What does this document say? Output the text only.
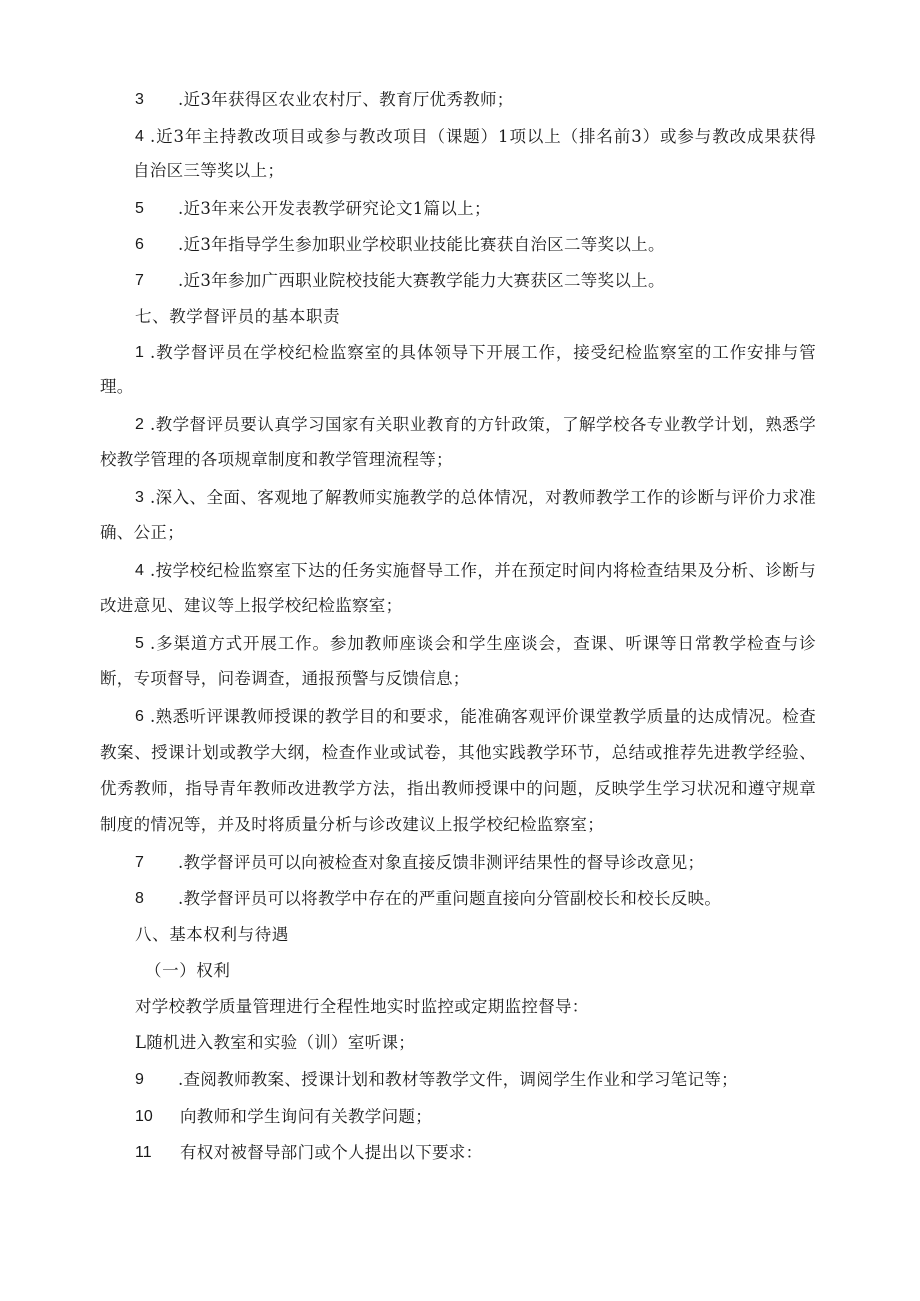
3 .近3年获得区农业农村厅、教育厅优秀教师；
4 .近3年主持教改项目或参与教改项目（课题）1项以上（排名前3）或参与教改成果获得
自治区三等奖以上；
5 .近3年来公开发表教学研究论文1篇以上；
6 .近3年指导学生参加职业学校职业技能比赛获自治区二等奖以上。
7 .近3年参加广西职业院校技能大赛教学能力大赛获区二等奖以上。
七、教学督评员的基本职责
1 .教学督评员在学校纪检监察室的具体领导下开展工作，接受纪检监察室的工作安排与管
理。
2 .教学督评员要认真学习国家有关职业教育的方针政策，了解学校各专业教学计划，熟悉学
校教学管理的各项规章制度和教学管理流程等；
3 .深入、全面、客观地了解教师实施教学的总体情况，对教师教学工作的诊断与评价力求准
确、公正；
4 .按学校纪检监察室下达的任务实施督导工作，并在预定时间内将检查结果及分析、诊断与
改进意见、建议等上报学校纪检监察室；
5 .多渠道方式开展工作。参加教师座谈会和学生座谈会，查课、听课等日常教学检查与诊
断，专项督导，问卷调查，通报预警与反馈信息；
6 .熟悉听评课教师授课的教学目的和要求，能准确客观评价课堂教学质量的达成情况。检查
教案、授课计划或教学大纲，检查作业或试卷，其他实践教学环节，总结或推荐先进教学经验、
优秀教师，指导青年教师改进教学方法，指出教师授课中的问题，反映学生学习状况和遵守规章
制度的情况等，并及时将质量分析与诊改建议上报学校纪检监察室；
7 .教学督评员可以向被检查对象直接反馈非测评结果性的督导诊改意见；
8 .教学督评员可以将教学中存在的严重问题直接向分管副校长和校长反映。
八、基本权利与待遇
（一）权利
对学校教学质量管理进行全程性地实时监控或定期监控督导：
L随机进入教室和实验（训）室听课；
9 .查阅教师教案、授课计划和教材等教学文件，调阅学生作业和学习笔记等；
10 向教师和学生询问有关教学问题；
11 有权对被督导部门或个人提出以下要求：
